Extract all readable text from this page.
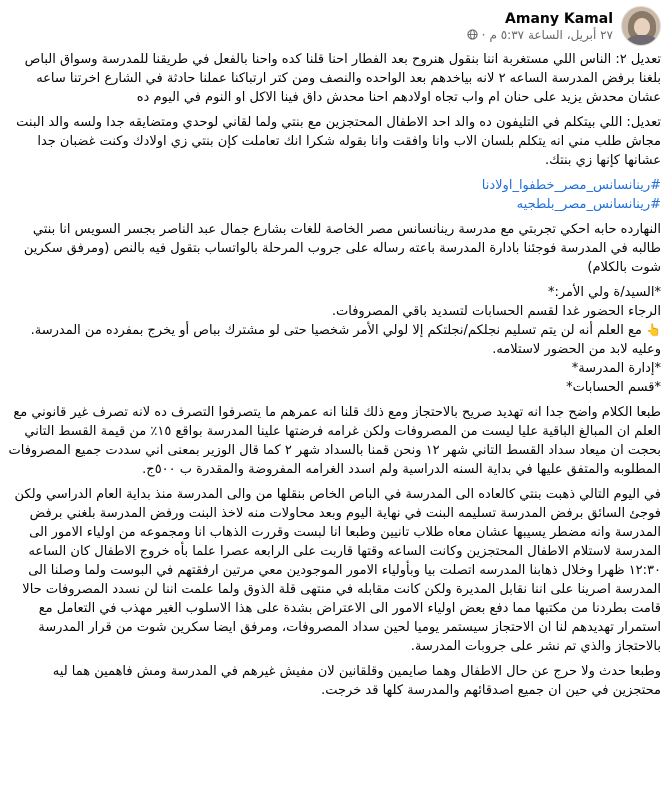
Amany Kamal
٢٧ أبريل، الساعة ٥:٣٧ م
·

تعديل ٢: الناس اللي مستغربة اننا بنقول هنروح بعد الفطار احنا قلنا كده واحنا بالفعل في طريقنا للمدرسة وسواق الباص بلغنا برفض المدرسة الساعه ٢ لانه بياخدهم بعد الواحده والنصف ومن كتر ارتباكنا عملنا حادثة في الشارع اخرتنا ساعه عشان محدش يزيد على حنان ام واب تجاه اولادهم احنا محدش داق فينا الاكل او النوم في اليوم ده

تعديل: اللي بيتكلم في التليفون ده والد احد الاطفال المحتجزين مع بنتي ولما لقاني لوحدي ومتضايقه جدا ولسه والد البنت مجاش طلب مني انه يتكلم بلسان الاب وانا وافقت وانا بقوله شكرا انك تعاملت كإن بنتي زي اولادك وكنت غضبان جدا عشانها كإنها زي بنتك.

#رينانسانس_مصر_خطفوا_اولادنا
#رينانسانس_مصر_بلطجيه

النهارده حابه احكي تجربتي مع مدرسة رينانسانس مصر الخاصة للغات بشارع جمال عبد الناصر بجسر السويس انا بنتي طالبه في المدرسة فوجئنا بادارة المدرسة باعته رساله على جروب المرحلة بالواتساب بتقول فيه بالنص (ومرفق سكرين شوت بالكلام)

*السيد/ة ولي الأمر:*

الرجاء الحضور غدا لقسم الحسابات لتسديد باقي المصروفات.

👆 مع العلم أنه لن يتم تسليم نجلكم/نجلتكم إلا لولي الأمر شخصيا حتى لو مشترك بباص أو يخرج بمفرده من المدرسة.

وعليه لابد من الحضور لاستلامه.

*إدارة المدرسة*

*قسم الحسابات*

طبعا الكلام واضح جدا انه تهديد صريح بالاحتجاز ومع ذلك قلنا انه عمرهم ما يتصرفوا التصرف ده لانه تصرف غير قانوني مع العلم ان المبالغ الباقية عليا ليست من المصروفات ولكن غرامه فرضتها علينا المدرسة بواقع ١٥٪ من قيمة القسط التاني بحجت ان ميعاد سداد القسط التاني شهر ١٢ ونحن قمنا بالسداد شهر ٢ كما قال الوزير بمعنى اني سددت جميع المصروفات المطلوبه والمتفق عليها في بداية السنه الدراسية ولم اسدد الغرامه المفروضة والمقدرة ب ٥٠٠ج.

في اليوم التالي ذهبت بنتي كالعاده الى المدرسة في الباص الخاص بنقلها من والى المدرسة منذ بداية العام الدراسي ولكن فوجئ السائق برفض المدرسة تسليمه البنت في نهاية اليوم وبعد محاولات منه لاخذ البنت ورفض المدرسة بلغني برفض المدرسة وانه مضطر يسيبها عشان معاه طلاب تانيين وطبعا انا لبست وقررت الذهاب انا ومجموعه من اولياء الامور الى المدرسة لاستلام الاطفال المحتجزين وكانت الساعه وقتها قاربت على الرابعه عصرا علما بأه خروج الاطفال كان الساعه ١٢:٣٠ ظهرا وخلال ذهابنا المدرسه اتصلت بيا وبأولياء الامور الموجودين معي مرتين ارفقتهم في البوست ولما وصلنا الى المدرسة اصرينا على اننا نقابل المديرة ولكن كانت مقابله في منتهى قلة الذوق ولما علمت اننا لن نسدد المصروفات حالا قامت بطردنا من مكتبها مما دفع بعض اولياء الامور الى الاعتراض بشدة على هذا الاسلوب الغير مهذب في التعامل مع استمرار تهديدهم لنا ان الاحتجاز سيستمر يوميا لحين سداد المصروفات، ومرفق ايضا سكرين شوت من قرار المدرسة بالاحتجاز والذي تم نشر على جروبات المدرسة.

وطبعا حدث ولا حرج عن حال الاطفال وهما صايمين وقلقانين لان مفيش غيرهم في المدرسة ومش فاهمين هما ليه محتجزين في حين ان جميع اصدقائهم والمدرسة كلها قد خرجت.
